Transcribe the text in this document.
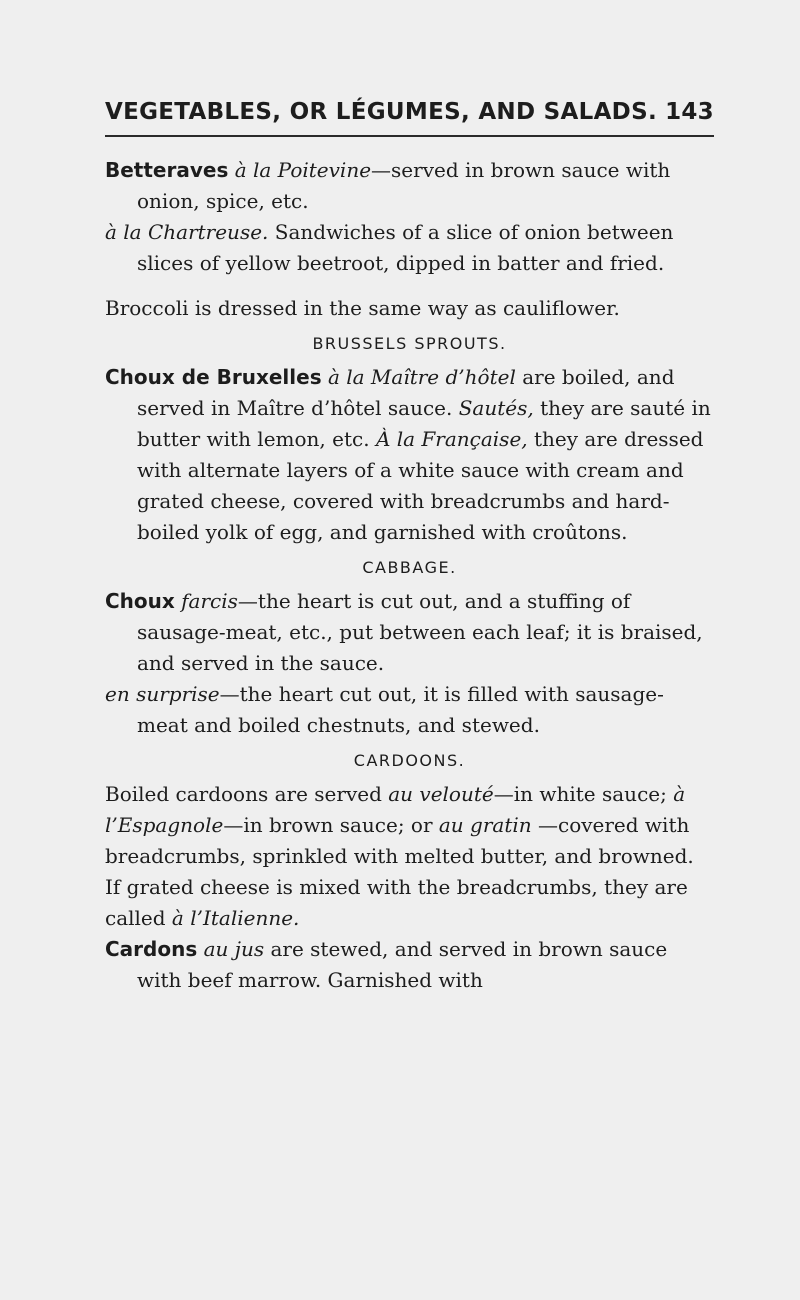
VEGETABLES, OR LÉGUMES, AND SALADS. 143

Betteraves à la Poitevine—served in brown sauce with onion, spice, etc.

à la Chartreuse. Sandwiches of a slice of onion between slices of yellow beetroot, dipped in batter and fried.

Broccoli is dressed in the same way as cauliflower.

BRUSSELS SPROUTS.

Choux de Bruxelles à la Maître d’hôtel are boiled, and served in Maître d’hôtel sauce. Sautés, they are sauté in butter with lemon, etc. À la Française, they are dressed with alternate layers of a white sauce with cream and grated cheese, covered with breadcrumbs and hard-boiled yolk of egg, and garnished with croûtons.

CABBAGE.

Choux farcis—the heart is cut out, and a stuffing of sausage-meat, etc., put between each leaf; it is braised, and served in the sauce.

en surprise—the heart cut out, it is filled with sausage-meat and boiled chestnuts, and stewed.

CARDOONS.

Boiled cardoons are served au velouté—in white sauce; à l’Espagnole—in brown sauce; or au gratin —covered with breadcrumbs, sprinkled with melted butter, and browned. If grated cheese is mixed with the breadcrumbs, they are called à l’Italienne.

Cardons au jus are stewed, and served in brown sauce with beef marrow. Garnished with
